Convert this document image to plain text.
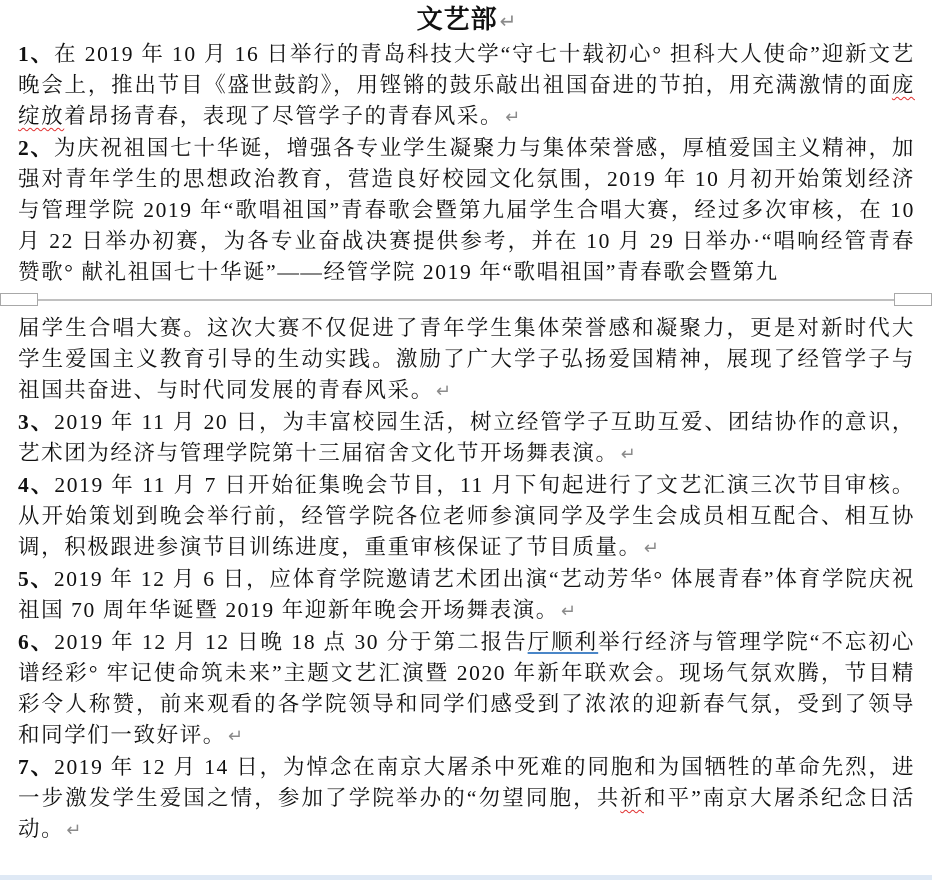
文艺部 ↵
1、在 2019 年 10 月 16 日举行的青岛科技大学“守七十载初心° 担科大人使命”迎新文艺晚会上，推出节目《盛世鼓韵》，用铿锵的鼓乐敲出祖国奋进的节拍，用充满激情的面庞绽放着昂扬青春，表现了尽管学子的青春风采。 ↵
2、为庆祝祖国七十华诞，增强各专业学生凝聚力与集体荣誉感，厚植爱国主义精神，加强对青年学生的思想政治教育，营造良好校园文化氛围，2019 年 10 月初开始策划经济与管理学院 2019 年“歌唱祖国”青春歌会暨第九届学生合唱大赛，经过多次审核，在 10 月 22 日举办初赛，为各专业奋战决赛提供参考，并在 10 月 29 日举办·“唱响经管青春赞歌° 献礼祖国七十华诞”——经管学院 2019 年“歌唱祖国”青春歌会暨第九
届学生合唱大赛。这次大赛不仅促进了青年学生集体荣誉感和凝聚力，更是对新时代大学生爱国主义教育引导的生动实践。激励了广大学子弘扬爱国精神，展现了经管学子与祖国共奋进、与时代同发展的青春风采。 ↵
3、2019 年 11 月 20 日，为丰富校园生活，树立经管学子互助互爱、团结协作的意识，艺术团为经济与管理学院第十三届宿舍文化节开场舞表演。 ↵
4、2019 年 11 月 7 日开始征集晚会节目，11 月下旬起进行了文艺汇演三次节目审核。从开始策划到晚会举行前，经管学院各位老师参演同学及学生会成员相互配合、相互协调，积极跟进参演节目训练进度，重重审核保证了节目质量。 ↵
5、2019 年 12 月 6 日，应体育学院邀请艺术团出演“艺动芳华° 体展青春”体育学院庆祝祖国 70 周年华诞暨 2019 年迎新年晚会开场舞表演。 ↵
6、2019 年 12 月 12 日晚 18 点 30 分于第二报告厅顺利举行经济与管理学院“不忘初心谱经彩° 牢记使命筑未来”主题文艺汇演暨 2020 年新年联欢会。现场气氛欢腾，节目精彩令人称赞，前来观看的各学院领导和同学们感受到了浓浓的迎新春气氛，受到了领导和同学们一致好评。 ↵
7、2019 年 12 月 14 日，为悼念在南京大屠杀中死难的同胞和为国牺牲的革命先烈，进一步激发学生爱国之情，参加了学院举办的“勿望同胞，共祈和平”南京大屠杀纪念日活动。 ↵
